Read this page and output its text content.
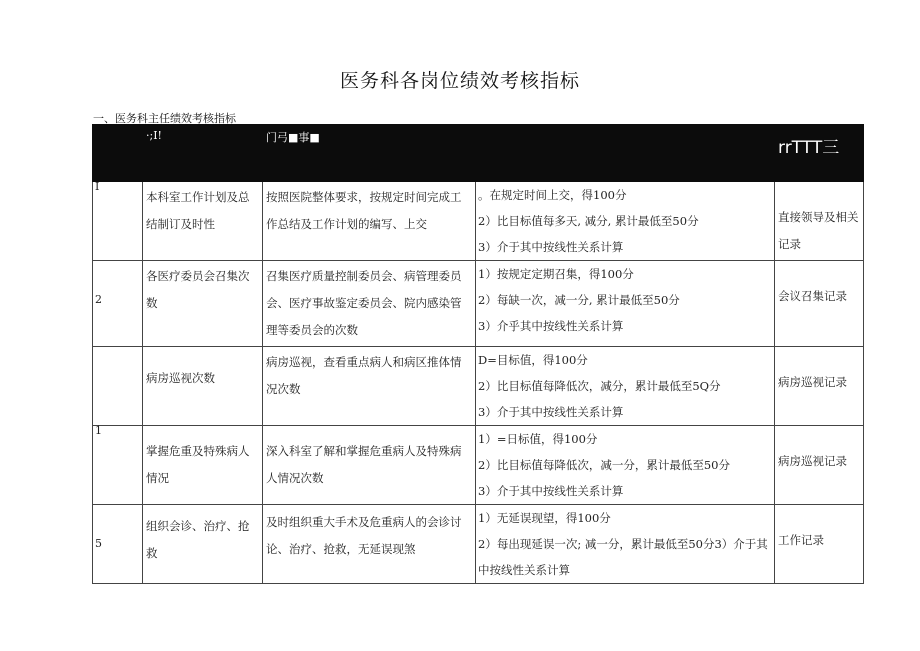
医务科各岗位绩效考核指标
一、医务科主任绩效考核指标
	·;I!	门弓■事■		rrTTT三

I	本科室工作计划及总结制订及时性	按照医院整体要求，按规定时间完成工作总结及工作计划的编写、上交	。在规定时间上交，得100分
2）比目标值每多天, 减分, 累计最低至50分
3）介于其中按线性关系计算	直接领导及相关记录

2	各医疗委员会召集次数	召集医疗质量控制委员会、病管理委员会、医疗事故鉴定委员会、院内感染管理等委员会的次数	1）按规定定期召集，得100分
2）每缺一次，减一分, 累计最低至50分
3）介乎其中按线性关系计算	会议召集记录

	病房巡视次数	病房巡视，查看重点病人和病区推体情况次数	D=目标值，得100分
2）比目标值每降低次，减分，累计最低至5Q分
3）介于其中按线性关系计算	病房巡视记录

1	掌握危重及特殊病人情况	深入科室了解和掌握危重病人及特殊病人情况次数	1）=日标值，得100分
2）比目标值每降低次，减一分，累计最低至50分
3）介于其中按线性关系计算	病房巡视记录

5	组织会诊、治疗、抢救	及时组织重大手术及危重病人的会诊讨论、治疗、抢救，无延误现煞	1）无延误现望，得100分
2）每出现延误一次; 减一分，累计最低至50分3）介于其中按线性关系计算	工作记录
